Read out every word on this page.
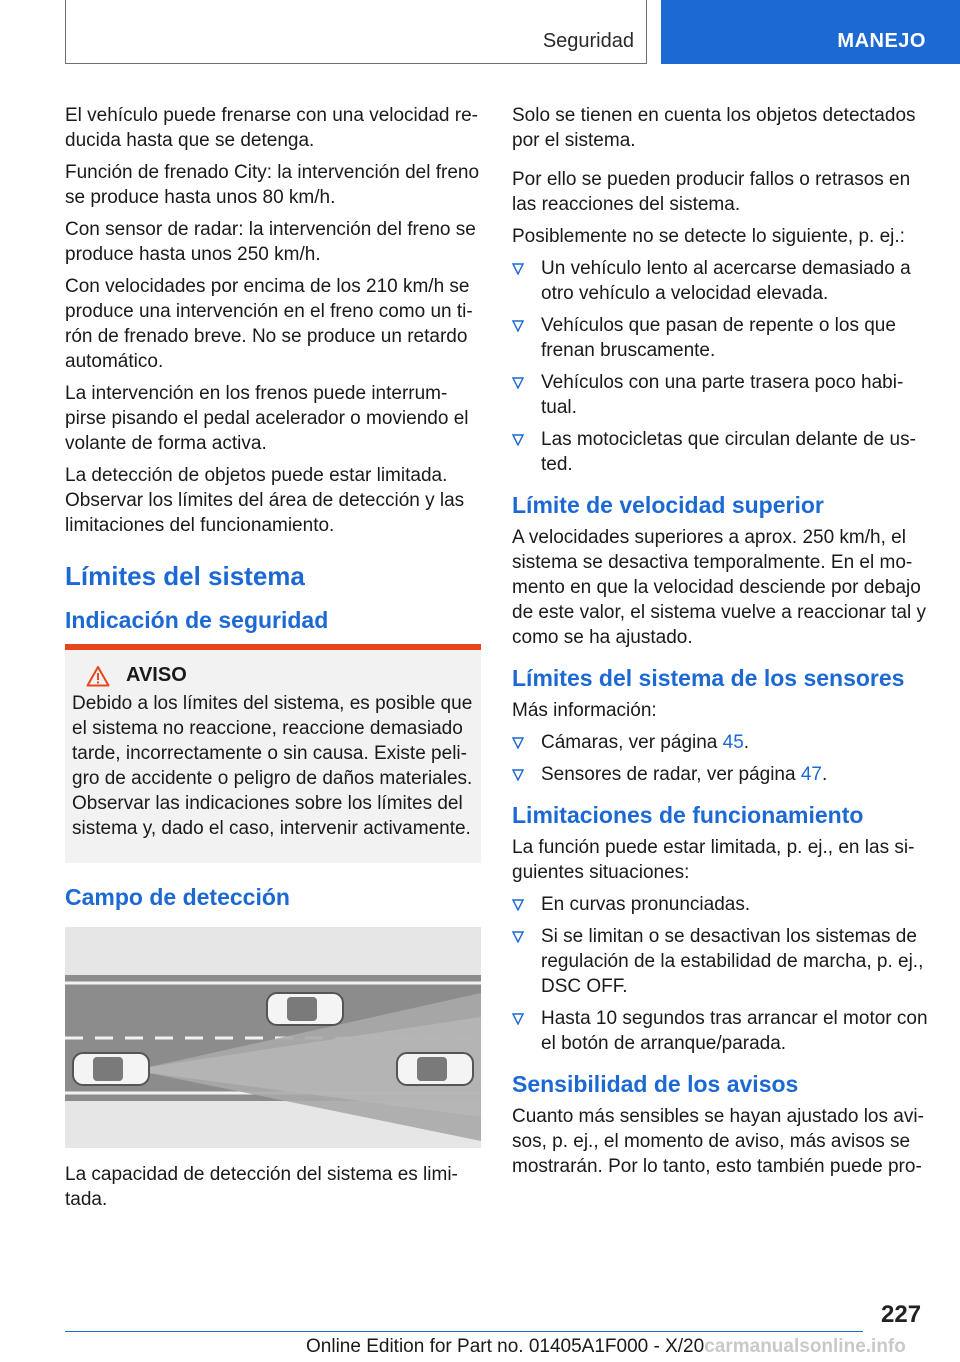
Seguridad	MANEJO

El vehículo puede frenarse con una velocidad re- ducida hasta que se detenga.

Función de frenado City: la intervención del freno se produce hasta unos 80 km/h.

Con sensor de radar: la intervención del freno se produce hasta unos 250 km/h.

Con velocidades por encima de los 210 km/h se produce una intervención en el freno como un ti- rón de frenado breve. No se produce un retardo automático.

La intervención en los frenos puede interrum- pirse pisando el pedal acelerador o moviendo el volante de forma activa.

La detección de objetos puede estar limitada. Observar los límites del área de detección y las limitaciones del funcionamiento.

Límites del sistema
Indicación de seguridad
AVISO

Debido a los límites del sistema, es posible que el sistema no reaccione, reaccione demasiado tarde, incorrectamente o sin causa. Existe peli- gro de accidente o peligro de daños materiales. Observar las indicaciones sobre los límites del sistema y, dado el caso, intervenir activamente.

Campo de detección

La capacidad de detección del sistema es limi- tada.

Solo se tienen en cuenta los objetos detectados por el sistema.

Por ello se pueden producir fallos o retrasos en las reacciones del sistema.

Posiblemente no se detecte lo siguiente, p. ej.:

Un vehículo lento al acercarse demasiado a otro vehículo a velocidad elevada.
Vehículos que pasan de repente o los que frenan bruscamente.
Vehículos con una parte trasera poco habi- tual.
Las motocicletas que circulan delante de us- ted.
Límite de velocidad superior

A velocidades superiores a aprox. 250 km/h, el sistema se desactiva temporalmente. En el mo- mento en que la velocidad desciende por debajo de este valor, el sistema vuelve a reaccionar tal y como se ha ajustado.

Límites del sistema de los sensores

Más información:

Cámaras, ver página 45.
Sensores de radar, ver página 47.
Limitaciones de funcionamiento

La función puede estar limitada, p. ej., en las si- guientes situaciones:

En curvas pronunciadas.
Si se limitan o se desactivan los sistemas de regulación de la estabilidad de marcha, p. ej., DSC OFF.
Hasta 10 segundos tras arrancar el motor con el botón de arranque/parada.
Sensibilidad de los avisos

Cuanto más sensibles se hayan ajustado los avi- sos, p. ej., el momento de aviso, más avisos se mostrarán. Por lo tanto, esto también puede pro-

227
Online Edition for Part no. 01405A1F000 - X/20carmanualsonline.info
